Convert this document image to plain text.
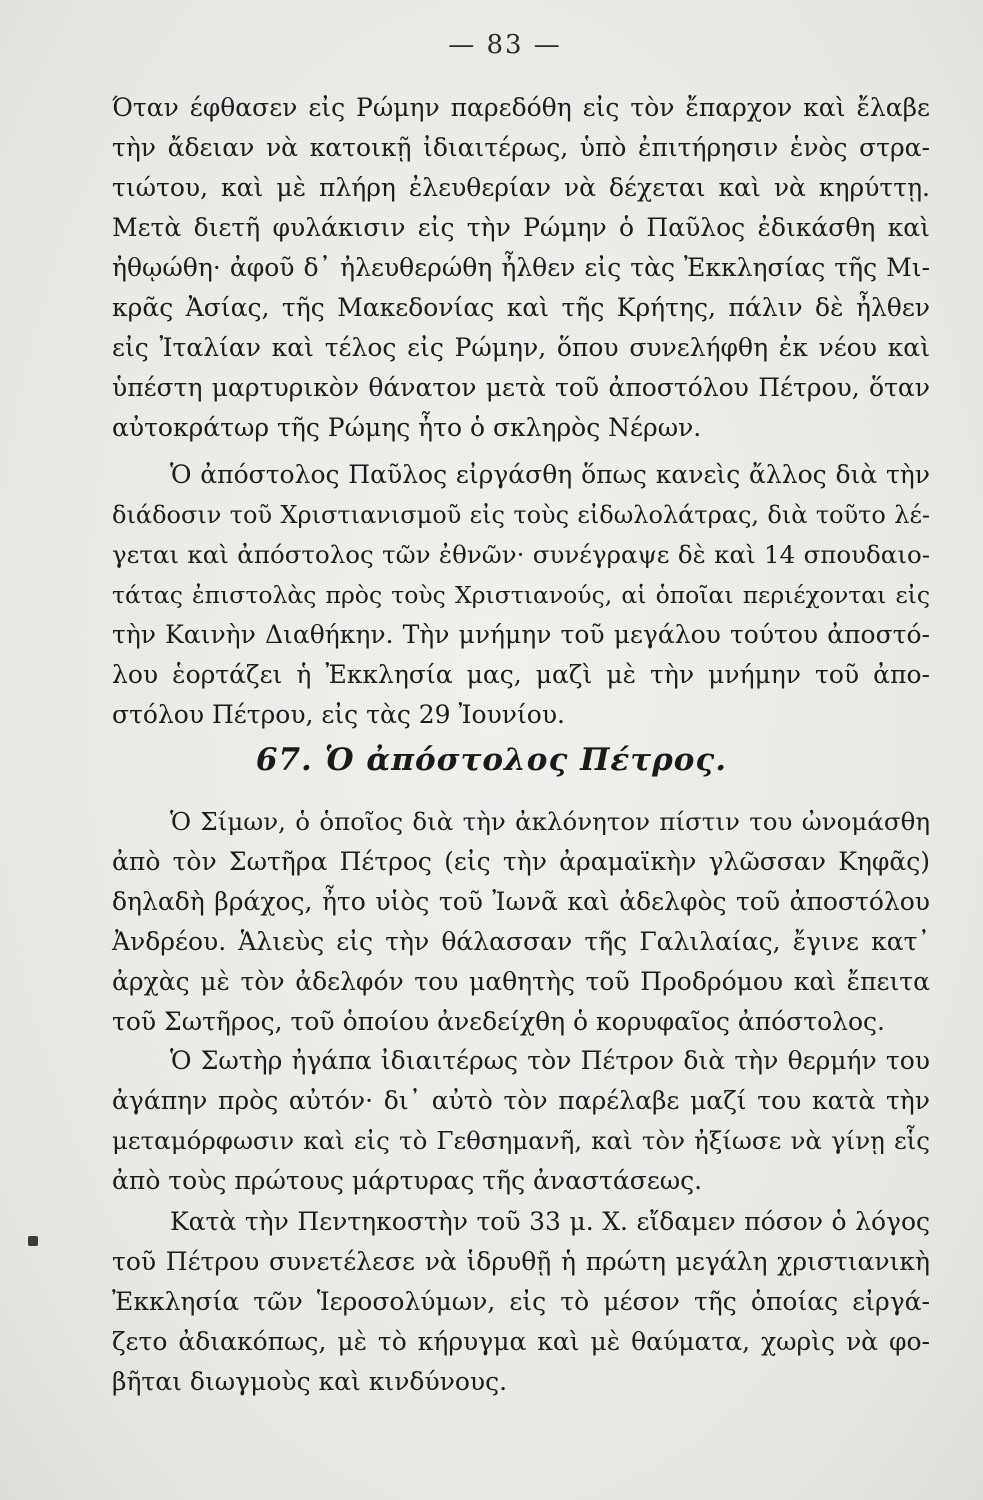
— 83 —
Όταν έφθασεν εἰς Ρώμην παρεδόθη εἰς τὸν ἔπαρχον καὶ ἔλαβε
τὴν ἄδειαν νὰ κατοικῇ ἰδιαιτέρως, ὑπὸ ἐπιτήρησιν ἑνὸς στρα-
τιώτου, καὶ μὲ πλήρη ἐλευθερίαν νὰ δέχεται καὶ νὰ κηρύττῃ.
Μετὰ διετῆ φυλάκισιν εἰς τὴν Ρώμην ὁ Παῦλος ἐδικάσθη καὶ
ἠθῳώθη· ἀφοῦ δ᾽ ἠλευθερώθη ἦλθεν εἰς τὰς Ἐκκλησίας τῆς Μι-
κρᾶς Ἀσίας, τῆς Μακεδονίας καὶ τῆς Κρήτης, πάλιν δὲ ἦλθεν
εἰς Ἰταλίαν καὶ τέλος εἰς Ρώμην, ὅπου συνελήφθη ἐκ νέου καὶ
ὑπέστη μαρτυρικὸν θάνατον μετὰ τοῦ ἀποστόλου Πέτρου, ὅταν
αὐτοκράτωρ τῆς Ρώμης ἦτο ὁ σκληρὸς Νέρων.
Ὁ ἀπόστολος Παῦλος εἰργάσθη ὅπως κανεὶς ἄλλος διὰ τὴν
διάδοσιν τοῦ Χριστιανισμοῦ εἰς τοὺς εἰδωλολάτρας, διὰ τοῦτο λέ-
γεται καὶ ἀπόστολος τῶν ἐθνῶν· συνέγραψε δὲ καὶ 14 σπουδαιο-
τάτας ἐπιστολὰς πρὸς τοὺς Χριστιανούς, αἱ ὁποῖαι περιέχονται εἰς
τὴν Καινὴν Διαθήκην. Τὴν μνήμην τοῦ μεγάλου τούτου ἀποστό-
λου ἑορτάζει ἡ Ἐκκλησία μας, μαζὶ μὲ τὴν μνήμην τοῦ ἀπο-
στόλου Πέτρου, εἰς τὰς 29 Ἰουνίου.
67. Ὁ ἀπόστολος Πέτρος.
Ὁ Σίμων, ὁ ὁποῖος διὰ τὴν ἀκλόνητον πίστιν του ὠνομάσθη
ἀπὸ τὸν Σωτῆρα Πέτρος (εἰς τὴν ἀραμαϊκὴν γλῶσσαν Κηφᾶς)
δηλαδὴ βράχος, ἦτο υἱὸς τοῦ Ἰωνᾶ καὶ ἀδελφὸς τοῦ ἀποστόλου
Ἀνδρέου. Ἁλιεὺς εἰς τὴν θάλασσαν τῆς Γαλιλαίας, ἔγινε κατ᾽
ἀρχὰς μὲ τὸν ἀδελφόν του μαθητὴς τοῦ Προδρόμου καὶ ἔπειτα
τοῦ Σωτῆρος, τοῦ ὁποίου ἀνεδείχθη ὁ κορυφαῖος ἀπόστολος.
Ὁ Σωτὴρ ἠγάπα ἰδιαιτέρως τὸν Πέτρον διὰ τὴν θερμήν του
ἀγάπην πρὸς αὐτόν· δι᾽ αὐτὸ τὸν παρέλαβε μαζί του κατὰ τὴν
μεταμόρφωσιν καὶ εἰς τὸ Γεθσημανῆ, καὶ τὸν ἠξίωσε νὰ γίνῃ εἷς
ἀπὸ τοὺς πρώτους μάρτυρας τῆς ἀναστάσεως.
Κατὰ τὴν Πεντηκοστὴν τοῦ 33 μ. Χ. εἴδαμεν πόσον ὁ λόγος
τοῦ Πέτρου συνετέλεσε νὰ ἱδρυθῇ ἡ πρώτη μεγάλη χριστιανικὴ
Ἐκκλησία τῶν Ἱεροσολύμων, εἰς τὸ μέσον τῆς ὁποίας εἰργά-
ζετο ἀδιακόπως, μὲ τὸ κήρυγμα καὶ μὲ θαύματα, χωρὶς νὰ φο-
βῆται διωγμοὺς καὶ κινδύνους.
